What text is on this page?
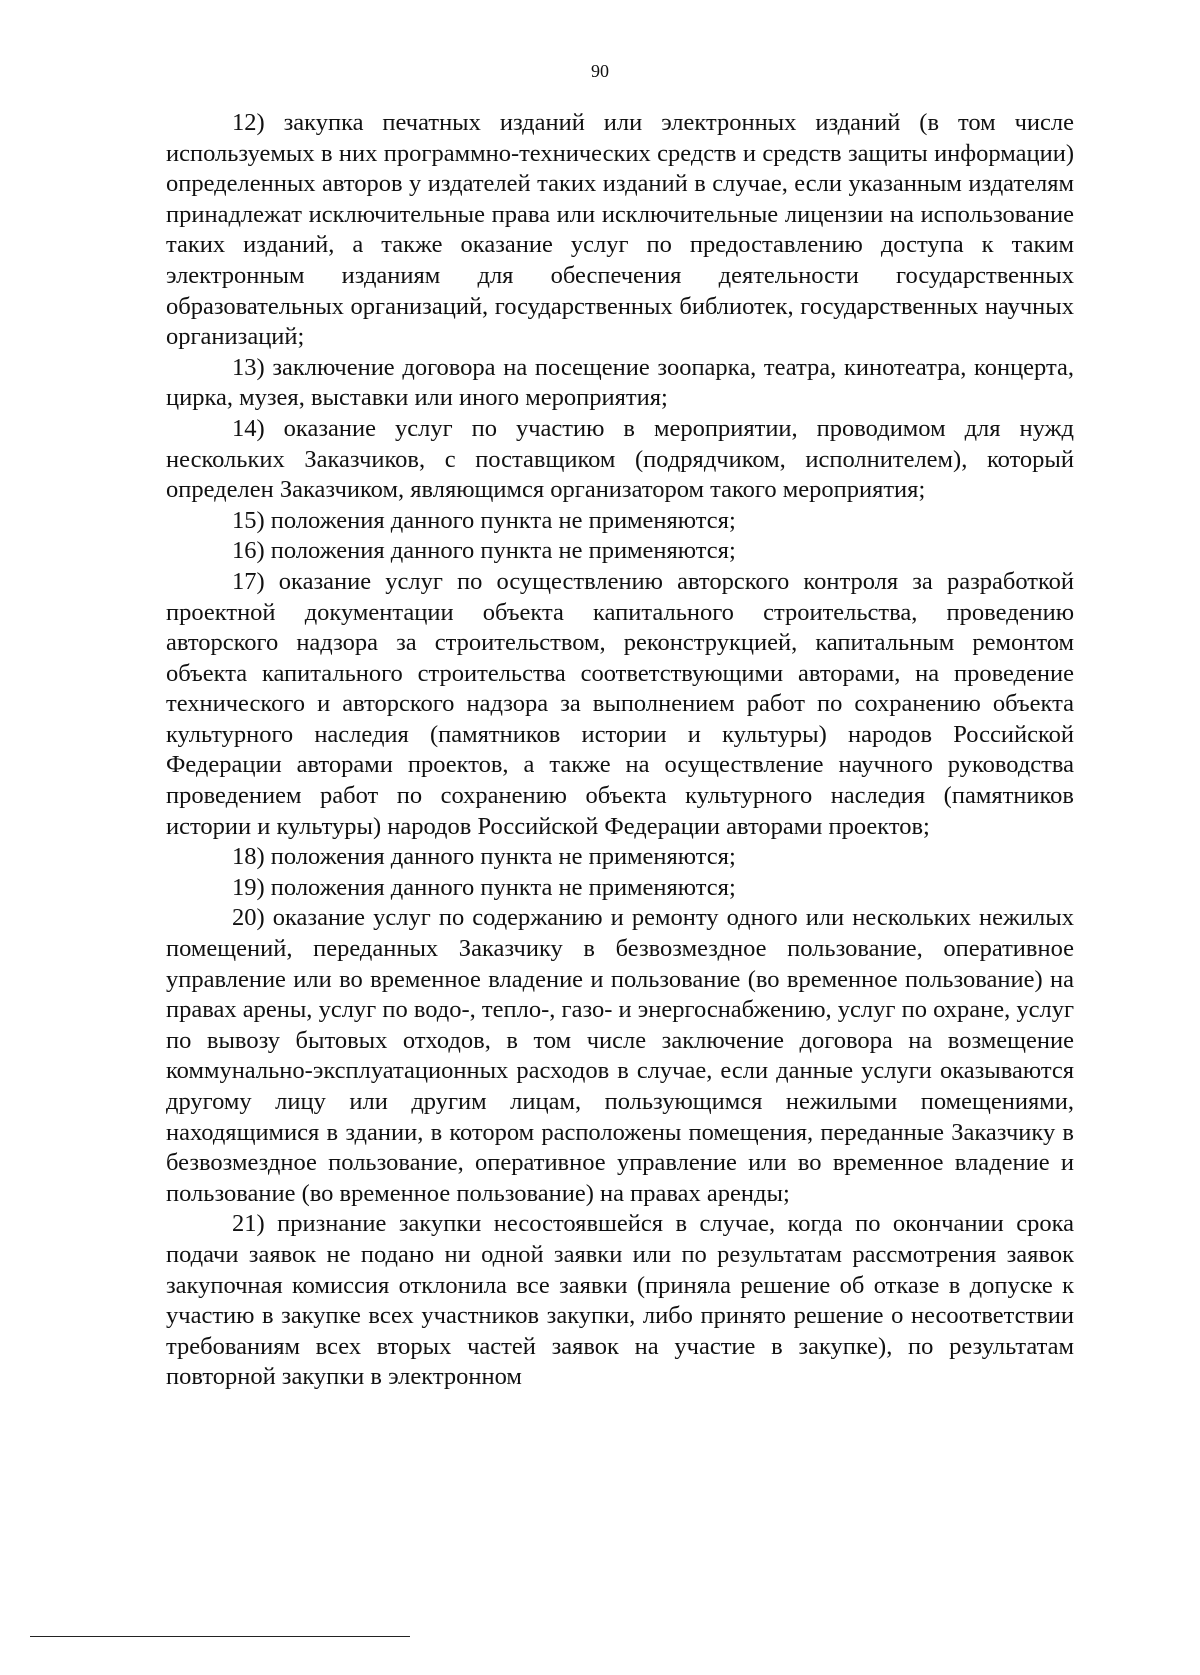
90

12) закупка печатных изданий или электронных изданий (в том числе используемых в них программно-технических средств и средств защиты информации) определенных авторов у издателей таких изданий в случае, если указанным издателям принадлежат исключительные права или исключительные лицензии на использование таких изданий, а также оказание услуг по предоставлению доступа к таким электронным изданиям для обеспечения деятельности государственных образовательных организаций, государственных библиотек, государственных научных организаций;

13) заключение договора на посещение зоопарка, театра, кинотеатра, концерта, цирка, музея, выставки или иного мероприятия;

14) оказание услуг по участию в мероприятии, проводимом для нужд нескольких Заказчиков, с поставщиком (подрядчиком, исполнителем), который определен Заказчиком, являющимся организатором такого мероприятия;

15) положения данного пункта не применяются;

16) положения данного пункта не применяются;

17) оказание услуг по осуществлению авторского контроля за разработкой проектной документации объекта капитального строительства, проведению авторского надзора за строительством, реконструкцией, капитальным ремонтом объекта капитального строительства соответствующими авторами, на проведение технического и авторского надзора за выполнением работ по сохранению объекта культурного наследия (памятников истории и культуры) народов Российской Федерации авторами проектов, а также на осуществление научного руководства проведением работ по сохранению объекта культурного наследия (памятников истории и культуры) народов Российской Федерации авторами проектов;

18) положения данного пункта не применяются;

19) положения данного пункта не применяются;

20) оказание услуг по содержанию и ремонту одного или нескольких нежилых помещений, переданных Заказчику в безвозмездное пользование, оперативное управление или во временное владение и пользование (во временное пользование) на правах арены, услуг по водо-, тепло-, газо- и энергоснабжению, услуг по охране, услуг по вывозу бытовых отходов, в том числе заключение договора на возмещение коммунально-эксплуатационных расходов в случае, если данные услуги оказываются другому лицу или другим лицам, пользующимся нежилыми помещениями, находящимися в здании, в котором расположены помещения, переданные Заказчику в безвозмездное пользование, оперативное управление или во временное владение и пользование (во временное пользование) на правах аренды;

21) признание закупки несостоявшейся в случае, когда по окончании срока подачи заявок не подано ни одной заявки или по результатам рассмотрения заявок закупочная комиссия отклонила все заявки (приняла решение об отказе в допуске к участию в закупке всех участников закупки, либо принято решение о несоответствии требованиям всех вторых частей заявок на участие в закупке), по результатам повторной закупки в электронном
